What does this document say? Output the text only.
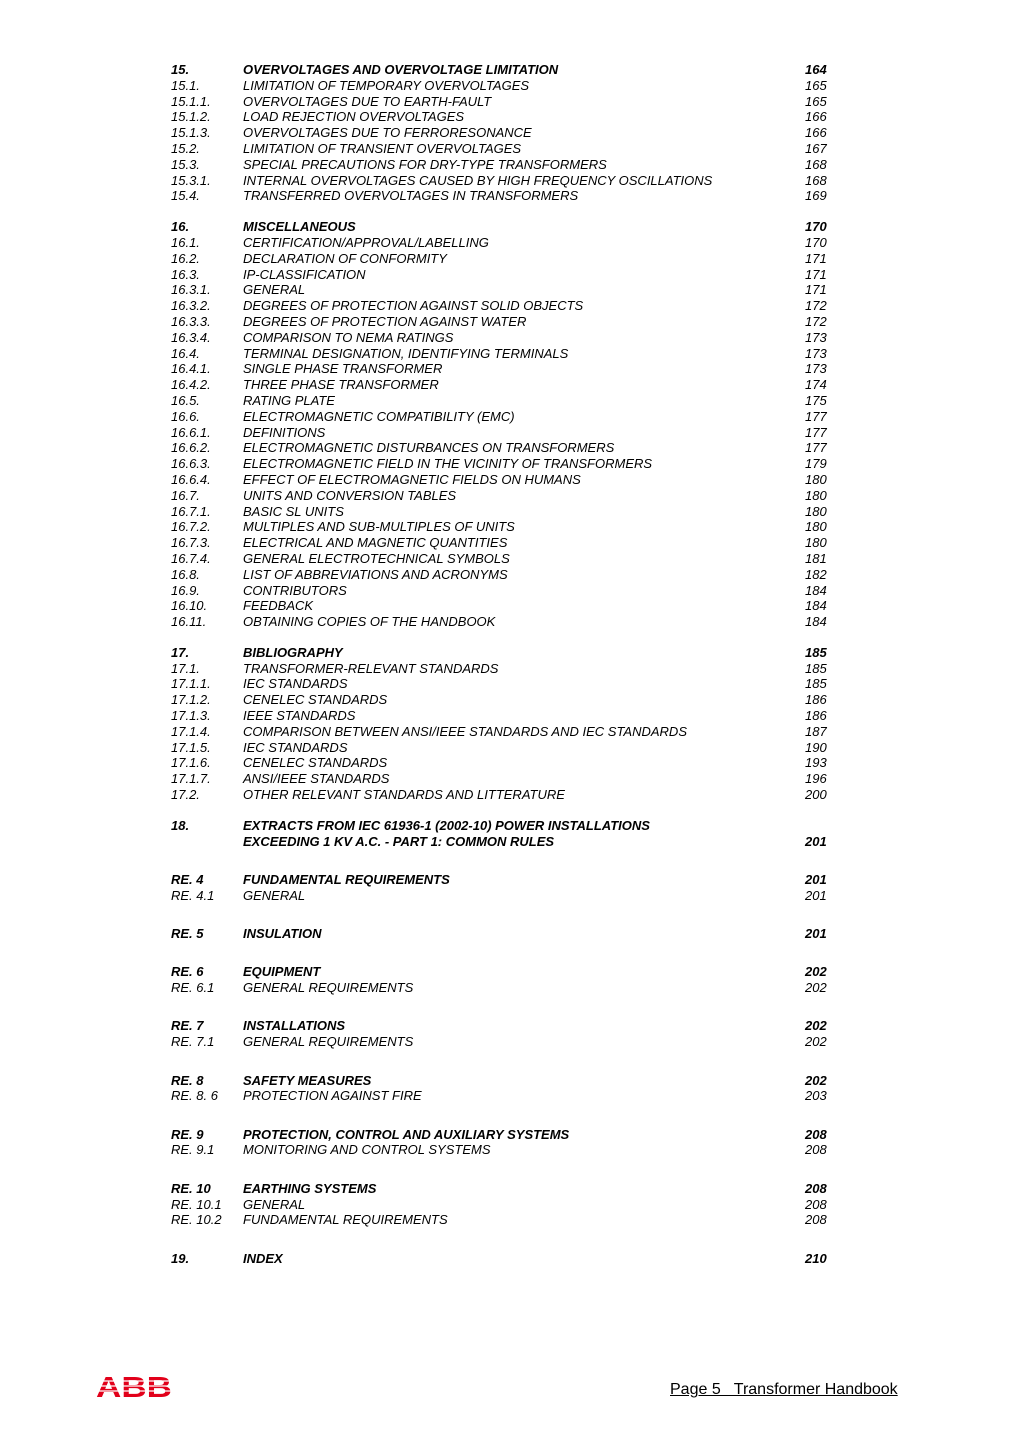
15.	OVERVOLTAGES AND OVERVOLTAGE LIMITATION	164
15.1.	LIMITATION OF TEMPORARY OVERVOLTAGES	165
15.1.1. OVERVOLTAGES DUE TO EARTH-FAULT	165
15.1.2. LOAD REJECTION OVERVOLTAGES	166
15.1.3. OVERVOLTAGES DUE TO FERRORESONANCE	166
15.2.	LIMITATION OF TRANSIENT OVERVOLTAGES	167
15.3.	SPECIAL PRECAUTIONS FOR DRY-TYPE TRANSFORMERS	168
15.3.1. INTERNAL OVERVOLTAGES CAUSED BY HIGH FREQUENCY OSCILLATIONS	168
15.4.	TRANSFERRED OVERVOLTAGES IN TRANSFORMERS	169
16.	MISCELLANEOUS	170
16.1.	CERTIFICATION/APPROVAL/LABELLING	170
16.2.	DECLARATION OF CONFORMITY	171
16.3.	IP-CLASSIFICATION	171
16.3.1. GENERAL	171
16.3.2. DEGREES OF PROTECTION AGAINST SOLID OBJECTS	172
16.3.3. DEGREES OF PROTECTION AGAINST WATER	172
16.3.4. COMPARISON TO NEMA RATINGS	173
16.4.	TERMINAL DESIGNATION, IDENTIFYING TERMINALS	173
16.4.1. SINGLE PHASE TRANSFORMER	173
16.4.2. THREE PHASE TRANSFORMER	174
16.5.	RATING PLATE	175
16.6.	ELECTROMAGNETIC COMPATIBILITY (EMC)	177
16.6.1. DEFINITIONS	177
16.6.2. ELECTROMAGNETIC DISTURBANCES ON TRANSFORMERS	177
16.6.3. ELECTROMAGNETIC FIELD IN THE VICINITY OF TRANSFORMERS	179
16.6.4. EFFECT OF ELECTROMAGNETIC FIELDS ON HUMANS	180
16.7.	UNITS AND CONVERSION TABLES	180
16.7.1. BASIC SL UNITS	180
16.7.2. MULTIPLES AND SUB-MULTIPLES OF UNITS	180
16.7.3. ELECTRICAL AND MAGNETIC QUANTITIES	180
16.7.4. GENERAL ELECTROTECHNICAL SYMBOLS	181
16.8.	LIST OF ABBREVIATIONS AND ACRONYMS	182
16.9.	CONTRIBUTORS	184
16.10.	FEEDBACK	184
16.11.	OBTAINING COPIES OF THE HANDBOOK	184
17.	BIBLIOGRAPHY	185
17.1.	TRANSFORMER-RELEVANT STANDARDS	185
17.1.1. IEC STANDARDS	185
17.1.2. CENELEC STANDARDS	186
17.1.3. IEEE STANDARDS	186
17.1.4. COMPARISON BETWEEN ANSI/IEEE STANDARDS AND IEC STANDARDS	187
17.1.5. IEC STANDARDS	190
17.1.6. CENELEC STANDARDS	193
17.1.7. ANSI/IEEE STANDARDS	196
17.2.	OTHER RELEVANT STANDARDS AND LITTERATURE	200
18.	EXTRACTS FROM IEC 61936-1 (2002-10) POWER INSTALLATIONS
EXCEEDING 1 KV A.C. - PART 1: COMMON RULES	201
RE. 4	FUNDAMENTAL REQUIREMENTS	201
RE. 4.1 GENERAL	201
RE. 5	INSULATION	201
RE. 6	EQUIPMENT	202
RE. 6.1 GENERAL REQUIREMENTS	202
RE. 7	INSTALLATIONS	202
RE. 7.1 GENERAL REQUIREMENTS	202
RE. 8	SAFETY MEASURES	202
RE. 8. 6 PROTECTION AGAINST FIRE	203
RE. 9	PROTECTION, CONTROL AND AUXILIARY SYSTEMS	208
RE. 9.1 MONITORING AND CONTROL SYSTEMS	208
RE. 10 EARTHING SYSTEMS	208
RE. 10.1 GENERAL	208
RE. 10.2 FUNDAMENTAL REQUIREMENTS	208
19.	INDEX	210
ABB	Page 5   Transformer Handbook
